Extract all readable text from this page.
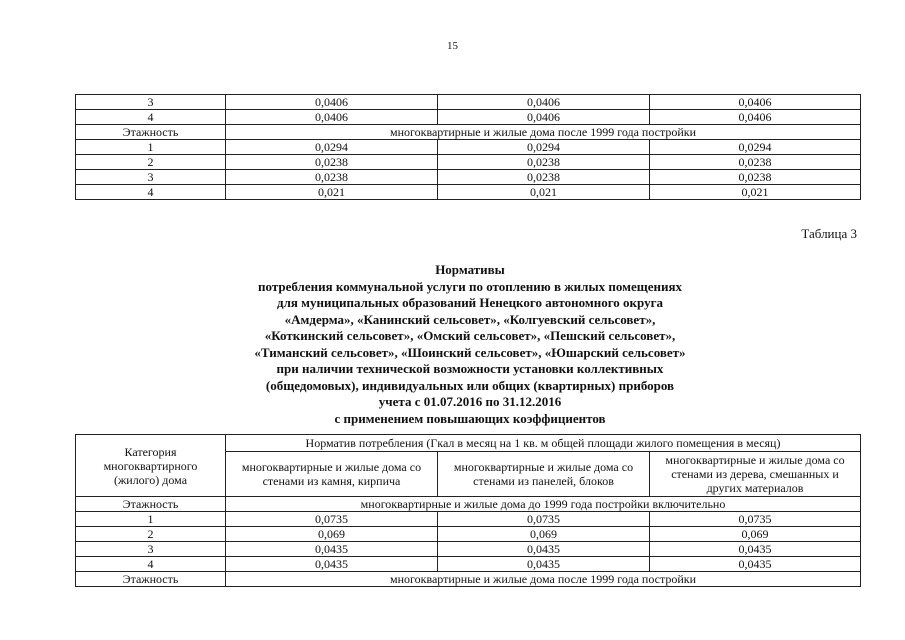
15
3	0,0406	0,0406	0,0406
4	0,0406	0,0406	0,0406
Этажность	многоквартирные и жилые дома после 1999 года постройки		
1	0,0294	0,0294	0,0294
2	0,0238	0,0238	0,0238
3	0,0238	0,0238	0,0238
4	0,021	0,021	0,021
Таблица 3
Нормативы
потребления коммунальной услуги по отоплению в жилых помещениях
для муниципальных образований Ненецкого автономного округа
«Амдерма», «Канинский сельсовет», «Колгуевский сельсовет»,
«Коткинский сельсовет», «Омский сельсовет», «Пешский сельсовет»,
«Тиманский сельсовет», «Шоинский сельсовет», «Юшарский сельсовет»
при наличии технической возможности установки коллективных
(общедомовых), индивидуальных или общих (квартирных) приборов
учета с 01.07.2016 по 31.12.2016
с применением повышающих коэффициентов
Категория многоквартирного (жилого) дома	Норматив потребления (Гкал в месяц на 1 кв. м общей площади жилого помещения в месяц)		
	многоквартирные и жилые дома со стенами из камня, кирпича	многоквартирные и жилые дома со стенами из панелей, блоков	многоквартирные и жилые дома со стенами из дерева, смешанных и других материалов
Этажность	многоквартирные и жилые дома до 1999 года постройки включительно		
1	0,0735	0,0735	0,0735
2	0,069	0,069	0,069
3	0,0435	0,0435	0,0435
4	0,0435	0,0435	0,0435
Этажность	многоквартирные и жилые дома после 1999 года постройки		
